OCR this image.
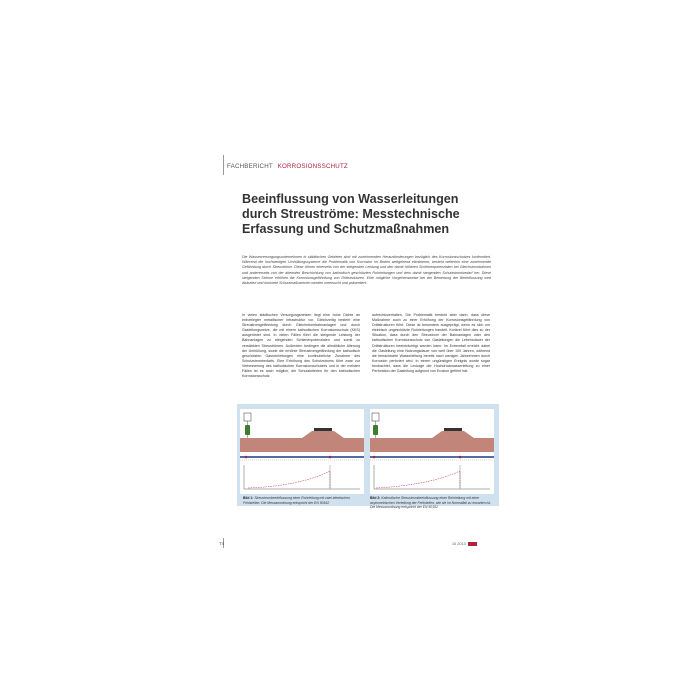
FACHBERICHT KORROSIONSSCHUTZ
Beeinflussung von Wasserleitungen
durch Streuströme: Messtechnische
Erfassung und Schutzmaßnahmen
Die Wasserversorgungsunternehmen in städtischen Gebieten sind mit zunehmenden Herausforderungen bezüglich des Korrosionsschutzes konfrontiert. Während die hochwertigen Umhüllungssysteme die Problematik von Korrosion im Boden weitgehend eliminieren, besteht weiterhin eine zunehmende Gefährdung durch Streuströme. Diese rühren einerseits von der steigenden Leistung und den damit höheren Schienenpotenzialen bei Gleichstrombahnen und andererseits von der alternden Beschichtung von kathodisch geschützten Rohrleitungen und dem damit steigenden Schutzstrombedarf her. Diese steigenden Ströme erhöhen die Korrosionsgefährdung von Drittstrukturen. Eine mögliche Vorgehensweise bei der Bewertung der Beeinflussung wird diskutiert und konkrete Schutzmaßnahmen werden untersucht und präsentiert.
In vielen städtischen Versorgungsnetzen liegt eine hohe Dichte an erdverlegter metallischer Infrastruktur vor. Gleichzeitig besteht eine Streustromgefährdung durch Gleichstrombahnanlagen und durch Gasleitungsnetze, die mit einem kathodischen Korrosionsschutz (KKS) ausgerüstet sind. In vielen Fällen führt die steigende Leistung der Bahnanlagen zu steigenden Schienenpotenzialen und somit zu verstärkten Streuströmen. Außerdem bedingen die allmähliche Alterung der Umhüllung, sowie die erhöhte Streustromgefährdung der kathodisch geschützten Gasrohrleitungen eine kontinuierliche Zunahme des Schutzstrombedarfs. Eine Erhöhung des Schutzstroms führt zwar zur Verbesserung des kathodischen Korrosionsschutzes und in der meisten Fällen ist es auch möglich, die Schutzkriterien für den kathodischen Korrosionsschutz
aufrechtzuerhalten. Die Problematik besteht aber darin, dass diese Maßnahme auch zu einer Erhöhung der Korrosionsgefährdung von Drittstrukturen führt. Diese ist besonders ausgeprägt, wenn es sich um elektrisch ungeschützte Rohrleitungen handelt. Konkret führt dies zu der Situation, dass durch den Streustrom der Bahnanlagen oder den kathodischen Korrosionsschutz von Gasleitungen die Lebensdauer der Drittstrukturen beeinträchtigt werden kann. Im Extremfall erreicht dabei die Gasleitung eine Nutzungsdauer von weit über 100 Jahren, während die benachbarte Wasserleitung bereits nach wenigen Jahrzehnten durch Korrosion perforiert wird. In einem ungünstigen Ereignis wurde sogar beobachtet, dass die Leckage der Hochdruckwasserleitung zu einer Perforation der Gasleitung aufgrund von Erosion geführt hat.
Bild 1: Streustrombeeinflussung einer Rohrleitung mit zwei identischen Fehlstellen. Die Messanordnung entspricht der EN 50162
Bild 2: Kathodische Streustrombeeinflussung einer Rohrleitung mit einer asymmetrischen Verteilung der Fehlstellen, wie sie im Normalfall zu erwarten ist. Die Messanordnung entspricht der EN 50162
74	10 2013
